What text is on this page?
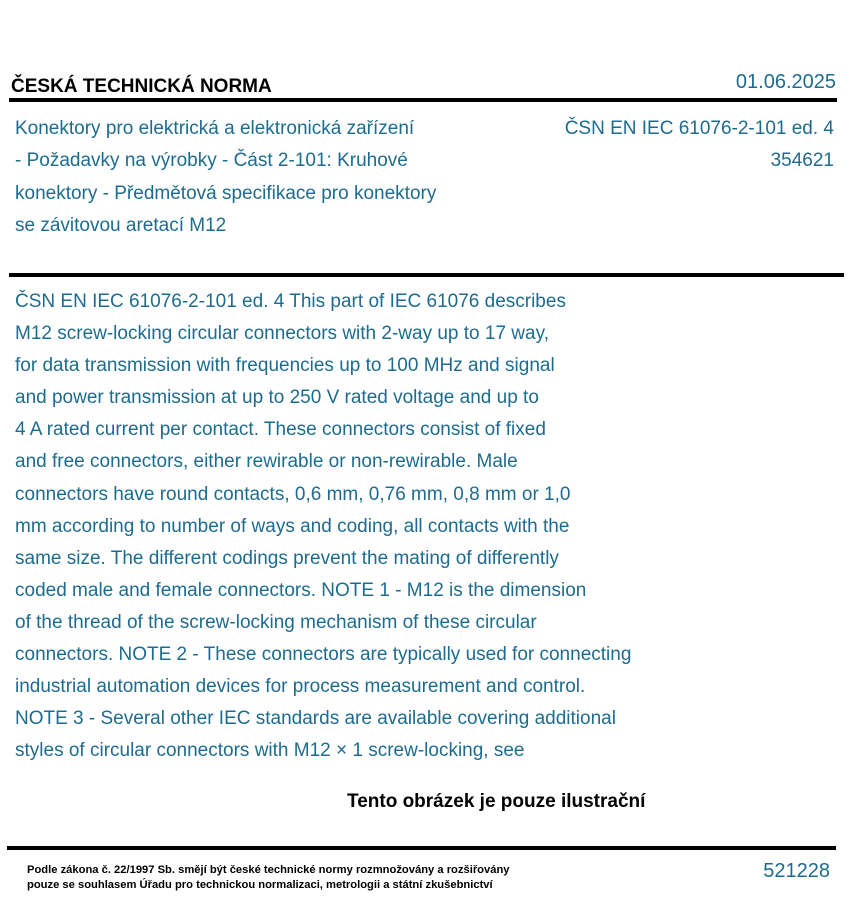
ČESKÁ TECHNICKÁ NORMA	01.06.2025
Konektory pro elektrická a elektronická zařízení
- Požadavky na výrobky - Část 2-101: Kruhové
konektory - Předmětová specifikace pro konektory
se závitovou aretací M12
ČSN EN IEC 61076-2-101 ed. 4
354621
ČSN EN IEC 61076-2-101 ed. 4 This part of IEC 61076 describes
M12 screw-locking circular connectors with 2-way up to 17 way,
for data transmission with frequencies up to 100 MHz and signal
and power transmission at up to 250 V rated voltage and up to
4 A rated current per contact. These connectors consist of fixed
and free connectors, either rewirable or non-rewirable. Male
connectors have round contacts, 0,6 mm, 0,76 mm, 0,8 mm or 1,0
mm according to number of ways and coding, all contacts with the
same size. The different codings prevent the mating of differently
coded male and female connectors. NOTE 1 - M12 is the dimension
of the thread of the screw-locking mechanism of these circular
connectors. NOTE 2 - These connectors are typically used for connecting
industrial automation devices for process measurement and control.
NOTE 3 - Several other IEC standards are available covering additional
styles of circular connectors with M12 × 1 screw-locking, see
Tento obrázek je pouze ilustrační
Podle zákona č. 22/1997 Sb. smějí být české technické normy rozmnožovány a rozšiřovány
pouze se souhlasem Úřadu pro technickou normalizaci, metrologii a státní zkušebnictví
521228
